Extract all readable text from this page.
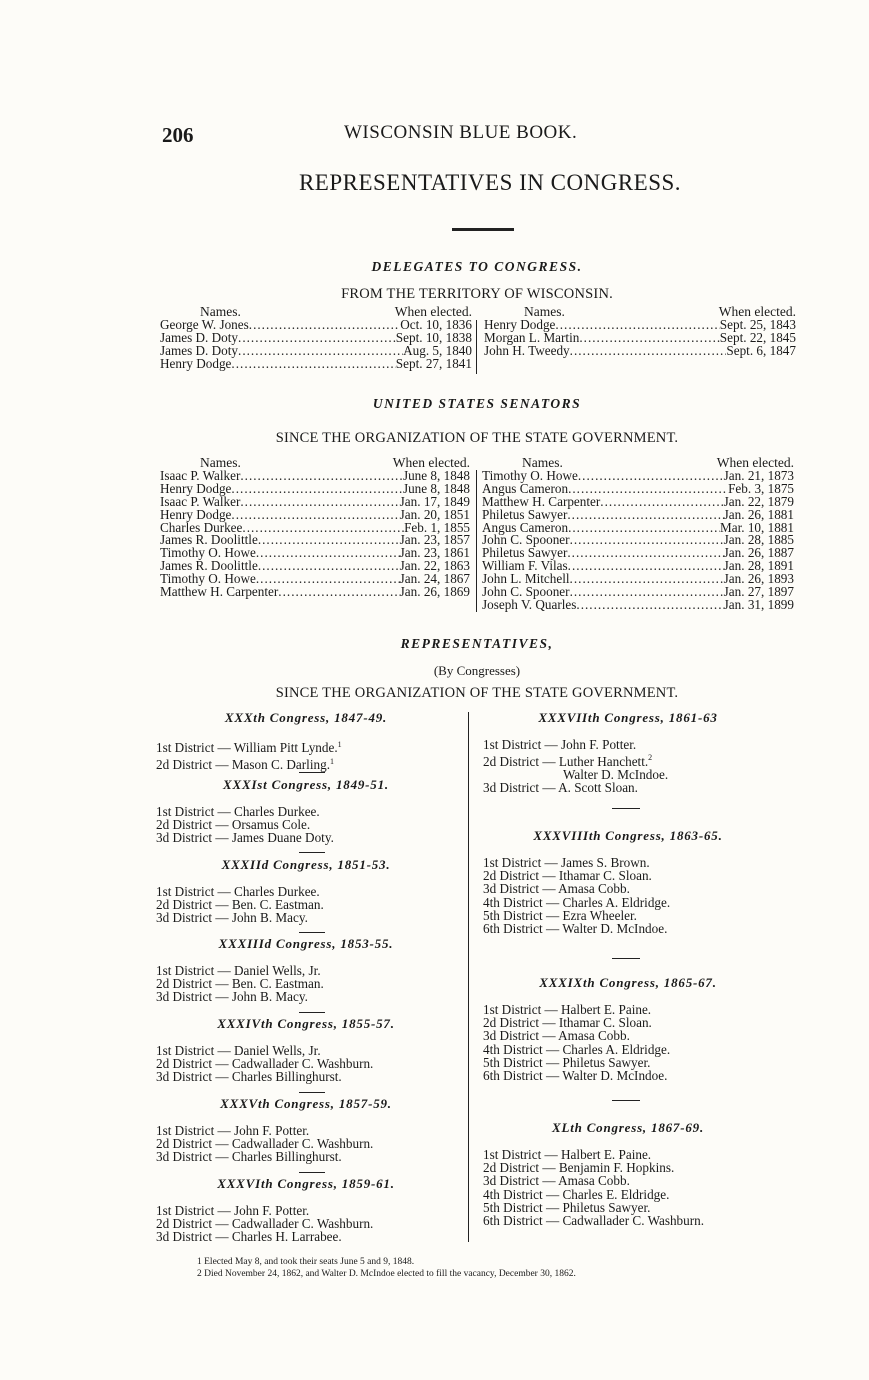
206	WISCONSIN BLUE BOOK.
REPRESENTATIVES IN CONGRESS.
DELEGATES TO CONGRESS.
FROM THE TERRITORY OF WISCONSIN.
Names.	When elected.
George W. Jones .....	Oct. 10, 1836
James D. Doty .....	Sept. 10, 1838
James D. Doty .....	Aug. 5, 1840
Henry Dodge .....	Sept. 27, 1841
Names.	When elected.
Henry Dodge .....	Sept. 25, 1843
Morgan L. Martin .....	Sept. 22, 1845
John H. Tweedy .....	Sept. 6, 1847
UNITED STATES SENATORS
SINCE THE ORGANIZATION OF THE STATE GOVERNMENT.
Names.	When elected.
Isaac P. Walker .....	June 8, 1848
Henry Dodge .....	June 8, 1848
Isaac P. Walker .....	Jan. 17, 1849
Henry Dodge .....	Jan. 20, 1851
Charles Durkee .....	Feb. 1, 1855
James R. Doolittle .....	Jan. 23, 1857
Timothy O. Howe .....	Jan. 23, 1861
James R. Doolittle .....	Jan. 22, 1863
Timothy O. Howe .....	Jan. 24, 1867
Matthew H. Carpenter .....	Jan. 26, 1869
Names.	When elected.
Timothy O. Howe .....	Jan. 21, 1873
Angus Cameron .....	Feb. 3, 1875
Matthew H. Carpenter .....	Jan. 22, 1879
Philetus Sawyer .....	Jan. 26, 1881
Angus Cameron .....	Mar. 10, 1881
John C. Spooner .....	Jan. 28, 1885
Philetus Sawyer .....	Jan. 26, 1887
William F. Vilas .....	Jan. 28, 1891
John L. Mitchell .....	Jan. 26, 1893
John C. Spooner .....	Jan. 27, 1897
Joseph V. Quarles .....	Jan. 31, 1899
REPRESENTATIVES,
(By Congresses)
SINCE THE ORGANIZATION OF THE STATE GOVERNMENT.
XXXth Congress, 1847-49.
1st District — William Pitt Lynde.$^1$
2d District — Mason C. Darling.$^1$
XXXIst Congress, 1849-51.
1st District — Charles Durkee.
2d District — Orsamus Cole.
3d District — James Duane Doty.
XXXIId Congress, 1851-53.
1st District — Charles Durkee.
2d District — Ben. C. Eastman.
3d District — John B. Macy.
XXXIIId Congress, 1853-55.
1st District — Daniel Wells, Jr.
2d District — Ben. C. Eastman.
3d District — John B. Macy.
XXXIVth Congress, 1855-57.
1st District — Daniel Wells, Jr.
2d District — Cadwallader C. Washburn.
3d District — Charles Billinghurst.
XXXVth Congress, 1857-59.
1st District — John F. Potter.
2d District — Cadwallader C. Washburn.
3d District — Charles Billinghurst.
XXXVIth Congress, 1859-61.
1st District — John F. Potter.
2d District — Cadwallader C. Washburn.
3d District — Charles H. Larrabee.
XXXVIIth Congress, 1861-63
1st District — John F. Potter.
2d District — Luther Hanchett.$^2$
Walter D. McIndoe.
3d District — A. Scott Sloan.
XXXVIIIth Congress, 1863-65.
1st District — James S. Brown.
2d District — Ithamar C. Sloan.
3d District — Amasa Cobb.
4th District — Charles A. Eldridge.
5th District — Ezra Wheeler.
6th District — Walter D. McIndoe.
XXXIXth Congress, 1865-67.
1st District — Halbert E. Paine.
2d District — Ithamar C. Sloan.
3d District — Amasa Cobb.
4th District — Charles A. Eldridge.
5th District — Philetus Sawyer.
6th District — Walter D. McIndoe.
XLth Congress, 1867-69.
1st District — Halbert E. Paine.
2d District — Benjamin F. Hopkins.
3d District — Amasa Cobb.
4th District — Charles E. Eldridge.
5th District — Philetus Sawyer.
6th District — Cadwallader C. Washburn.
1 Elected May 8, and took their seats June 5 and 9, 1848.
2 Died November 24, 1862, and Walter D. McIndoe elected to fill the vacancy, December 30, 1862.
